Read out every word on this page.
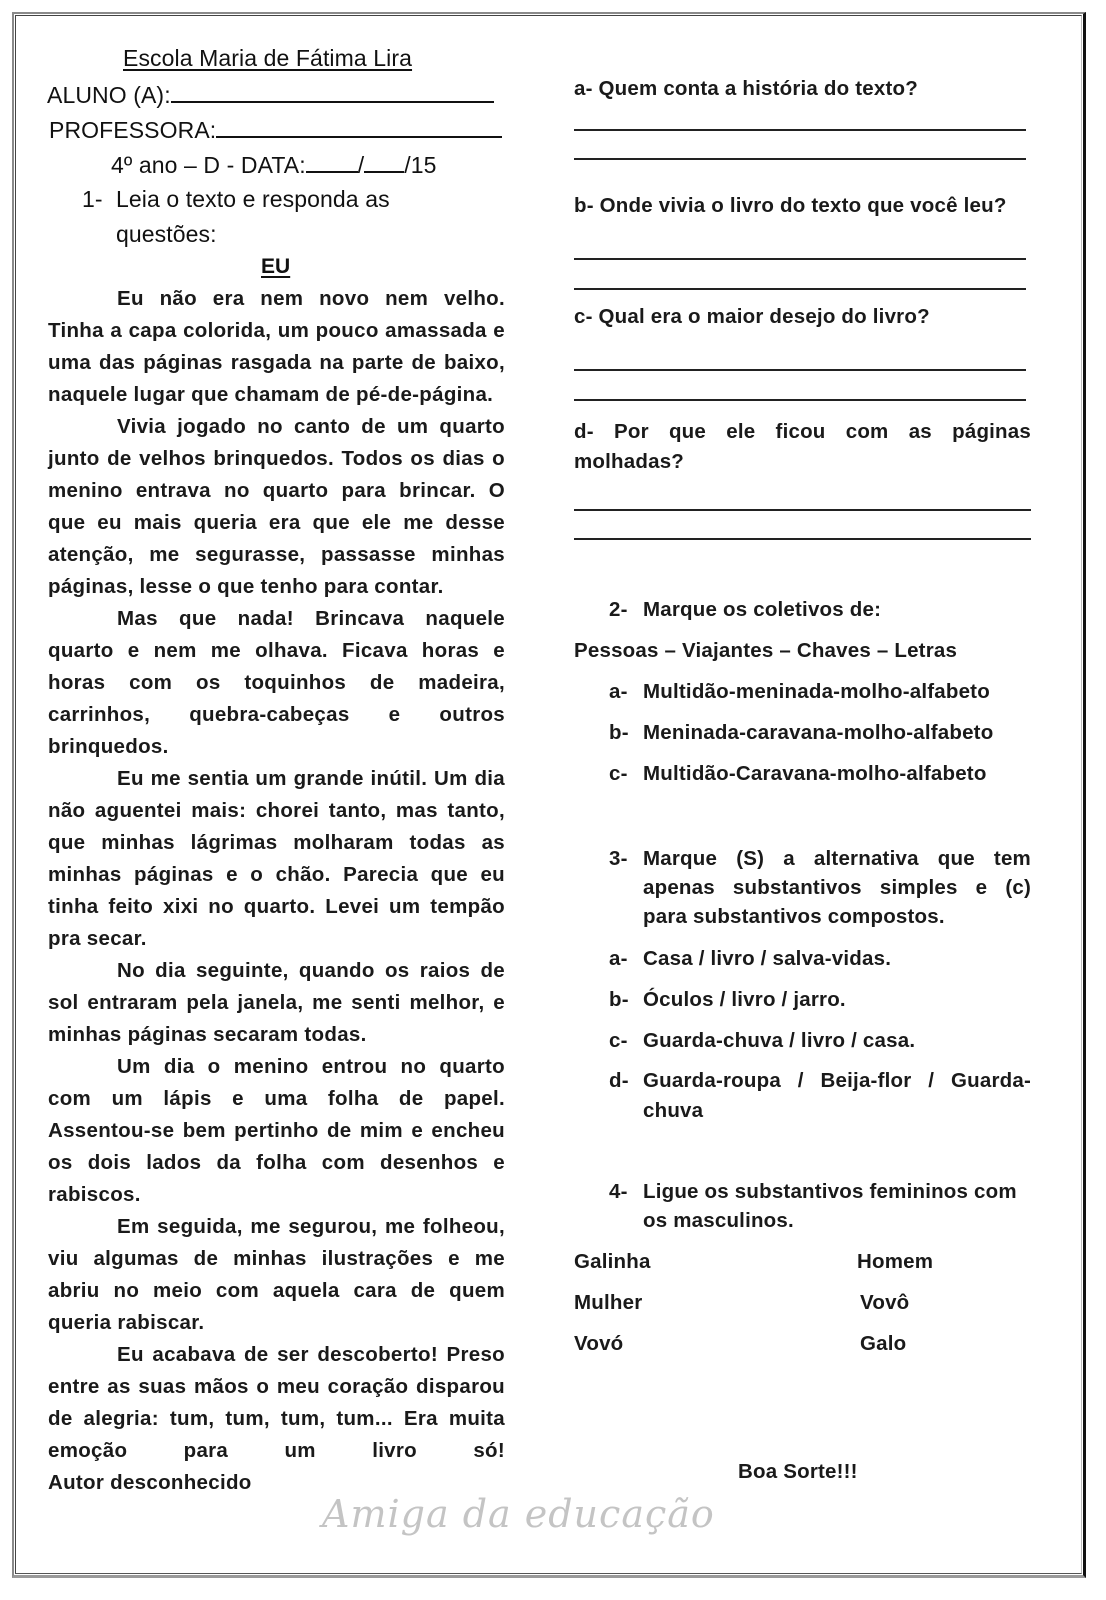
Escola Maria de Fátima Lira
ALUNO (A):
PROFESSORA:
4º ano – D - DATA: / /15
1- Leia o texto e responda as
questões:
EU

Eu não era nem novo nem velho. Tinha a capa colorida, um pouco amassada e uma das páginas rasgada na parte de baixo, naquele lugar que chamam de pé-de-página.

Vivia jogado no canto de um quarto junto de velhos brinquedos. Todos os dias o menino entrava no quarto para brincar. O que eu mais queria era que ele me desse atenção, me segurasse, passasse minhas páginas, lesse o que tenho para contar.

Mas que nada! Brincava naquele quarto e nem me olhava. Ficava horas e horas com os toquinhos de madeira, carrinhos, quebra-cabeças e outros brinquedos.

Eu me sentia um grande inútil. Um dia não aguentei mais: chorei tanto, mas tanto, que minhas lágrimas molharam todas as minhas páginas e o chão. Parecia que eu tinha feito xixi no quarto. Levei um tempão pra secar.

No dia seguinte, quando os raios de sol entraram pela janela, me senti melhor, e minhas páginas secaram todas.

Um dia o menino entrou no quarto com um lápis e uma folha de papel. Assentou-se bem pertinho de mim e encheu os dois lados da folha com desenhos e rabiscos.

Em seguida, me segurou, me folheou, viu algumas de minhas ilustrações e me abriu no meio com aquela cara de quem queria rabiscar.

Eu acabava de ser descoberto! Preso entre as suas mãos o meu coração disparou de alegria: tum, tum, tum, tum... Era muita emoção para um livro só!

Autor desconhecido
a- Quem conta a história do texto?
b- Onde vivia o livro do texto que você leu?
c- Qual era o maior desejo do livro?
d- Por que ele ficou com as páginas molhadas?
2- Marque os coletivos de:
Pessoas – Viajantes – Chaves – Letras
a- Multidão-meninada-molho-alfabeto
b- Meninada-caravana-molho-alfabeto
c- Multidão-Caravana-molho-alfabeto
3- Marque (S) a alternativa que tem
apenas substantivos simples e (c)
para substantivos compostos.
a- Casa / livro / salva-vidas.
b- Óculos / livro / jarro.
c- Guarda-chuva / livro / casa.
d- Guarda-roupa / Beija-flor / Guarda-
chuva
4- Ligue os substantivos femininos com
os masculinos.
Galinha
Mulher
Vovó
Homem
Vovô
Galo
Boa Sorte!!!
Amiga da educação
